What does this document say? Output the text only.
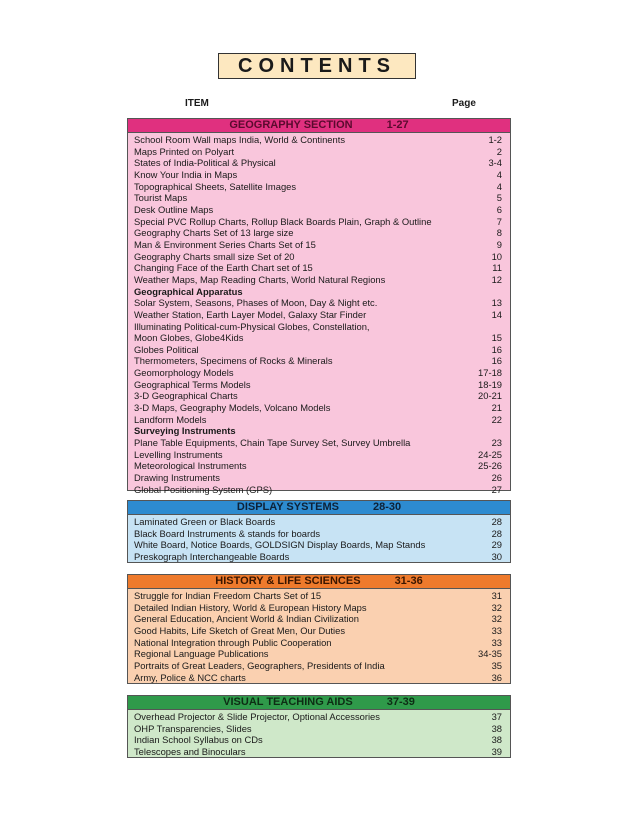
CONTENTS
ITEM	Page
GEOGRAPHY SECTION	1-27
School Room Wall maps India, World & Continents	1-2
Maps Printed on Polyart	2
States of India-Political & Physical	3-4
Know Your India in Maps	4
Topographical Sheets, Satellite Images	4
Tourist Maps	5
Desk Outline Maps	6
Special PVC Rollup Charts, Rollup Black Boards Plain, Graph & Outline	7
Geography Charts Set of 13 large size	8
Man & Environment Series Charts Set of 15	9
Geography Charts small size Set of 20	10
Changing Face of the Earth Chart set of 15	11
Weather Maps, Map Reading Charts, World Natural Regions	12
Geographical Apparatus
Solar System, Seasons, Phases of Moon, Day & Night etc.	13
Weather Station, Earth Layer Model, Galaxy Star Finder	14
Illuminating Political-cum-Physical Globes, Constellation,
Moon Globes, Globe4Kids	15
Globes Political	16
Thermometers, Specimens of Rocks & Minerals	16
Geomorphology Models	17-18
Geographical Terms Models	18-19
3-D Geographical Charts	20-21
3-D Maps, Geography Models, Volcano Models	21
Landform Models	22
Surveying Instruments
Plane Table Equipments, Chain Tape Survey Set, Survey Umbrella	23
Levelling Instruments	24-25
Meteorological Instruments	25-26
Drawing Instruments	26
Global Positioning System (GPS)	27
DISPLAY SYSTEMS	28-30
Laminated Green or Black Boards	28
Black Board Instruments & stands for boards	28
White Board, Notice Boards, GOLDSIGN Display Boards, Map Stands	29
Preskograph Interchangeable Boards	30
HISTORY & LIFE SCIENCES	31-36
Struggle for Indian Freedom Charts Set of 15	31
Detailed Indian History, World & European History Maps	32
General Education, Ancient World & Indian Civilization	32
Good Habits, Life Sketch of Great Men, Our Duties	33
National Integration through Public Cooperation	33
Regional Language Publications	34-35
Portraits of Great Leaders, Geographers, Presidents of India	35
Army, Police & NCC charts	36
VISUAL TEACHING AIDS	37-39
Overhead Projector & Slide Projector, Optional Accessories	37
OHP Transparencies, Slides	38
Indian School Syllabus on CDs	38
Telescopes and Binoculars	39
